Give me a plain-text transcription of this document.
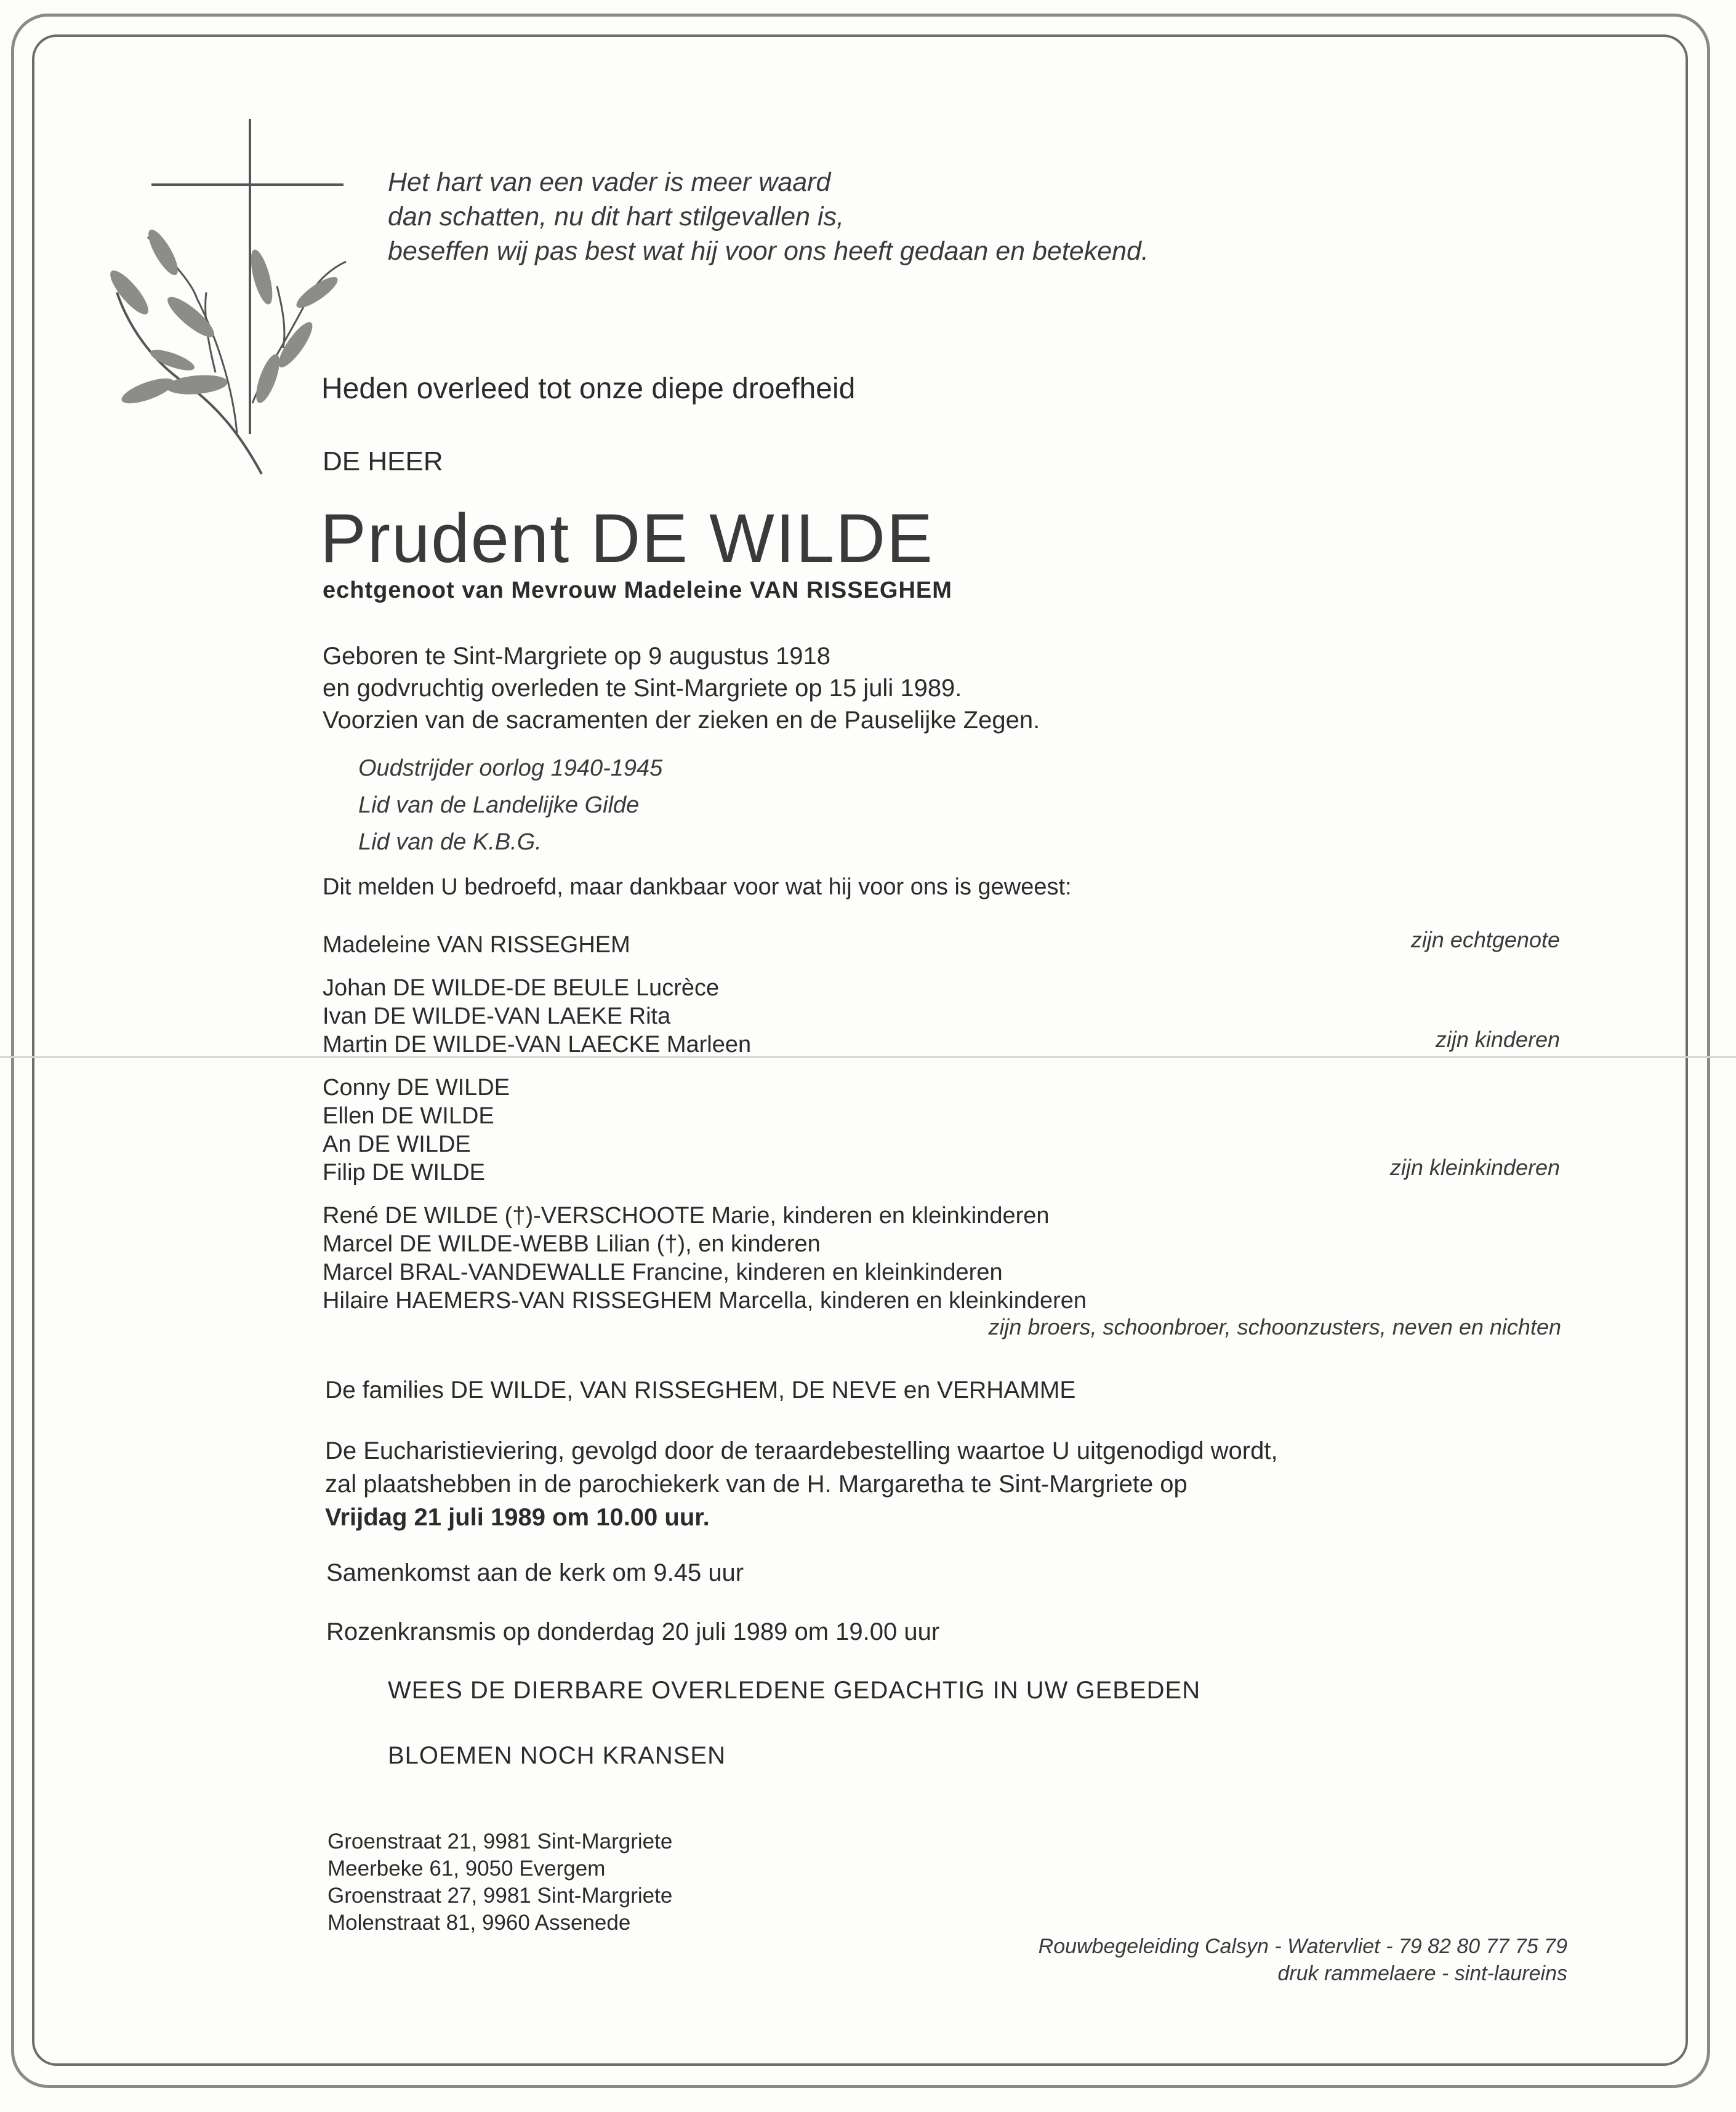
Het hart van een vader is meer waard
dan schatten, nu dit hart stilgevallen is,
beseffen wij pas best wat hij voor ons heeft gedaan en betekend.
Heden overleed tot onze diepe droefheid
DE HEER
Prudent DE WILDE
echtgenoot van Mevrouw Madeleine VAN RISSEGHEM
Geboren te Sint-Margriete op 9 augustus 1918
en godvruchtig overleden te Sint-Margriete op 15 juli 1989.
Voorzien van de sacramenten der zieken en de Pauselijke Zegen.
Oudstrijder oorlog 1940-1945
Lid van de Landelijke Gilde
Lid van de K.B.G.
Dit melden U bedroefd, maar dankbaar voor wat hij voor ons is geweest:
Madeleine VAN RISSEGHEM	zijn echtgenote
Johan DE WILDE-DE BEULE Lucrèce
Ivan DE WILDE-VAN LAEKE Rita
Martin DE WILDE-VAN LAECKE Marleen	zijn kinderen
Conny DE WILDE
Ellen DE WILDE
An DE WILDE
Filip DE WILDE	zijn kleinkinderen
René DE WILDE (†)-VERSCHOOTE Marie, kinderen en kleinkinderen
Marcel DE WILDE-WEBB Lilian (†), en kinderen
Marcel BRAL-VANDEWALLE Francine, kinderen en kleinkinderen
Hilaire HAEMERS-VAN RISSEGHEM Marcella, kinderen en kleinkinderen
zijn broers, schoonbroer, schoonzusters, neven en nichten
De families DE WILDE, VAN RISSEGHEM, DE NEVE en VERHAMME
De Eucharistieviering, gevolgd door de teraardebestelling waartoe U uitgenodigd wordt,
zal plaatshebben in de parochiekerk van de H. Margaretha te Sint-Margriete op
Vrijdag 21 juli 1989 om 10.00 uur.
Samenkomst aan de kerk om 9.45 uur
Rozenkransmis op donderdag 20 juli 1989 om 19.00 uur
WEES DE DIERBARE OVERLEDENE GEDACHTIG IN UW GEBEDEN
BLOEMEN NOCH KRANSEN
Groenstraat 21, 9981 Sint-Margriete
Meerbeke 61, 9050 Evergem
Groenstraat 27, 9981 Sint-Margriete
Molenstraat 81, 9960 Assenede
Rouwbegeleiding Calsyn - Watervliet - 79 82 80 77 75 79
druk rammelaere - sint-laureins
